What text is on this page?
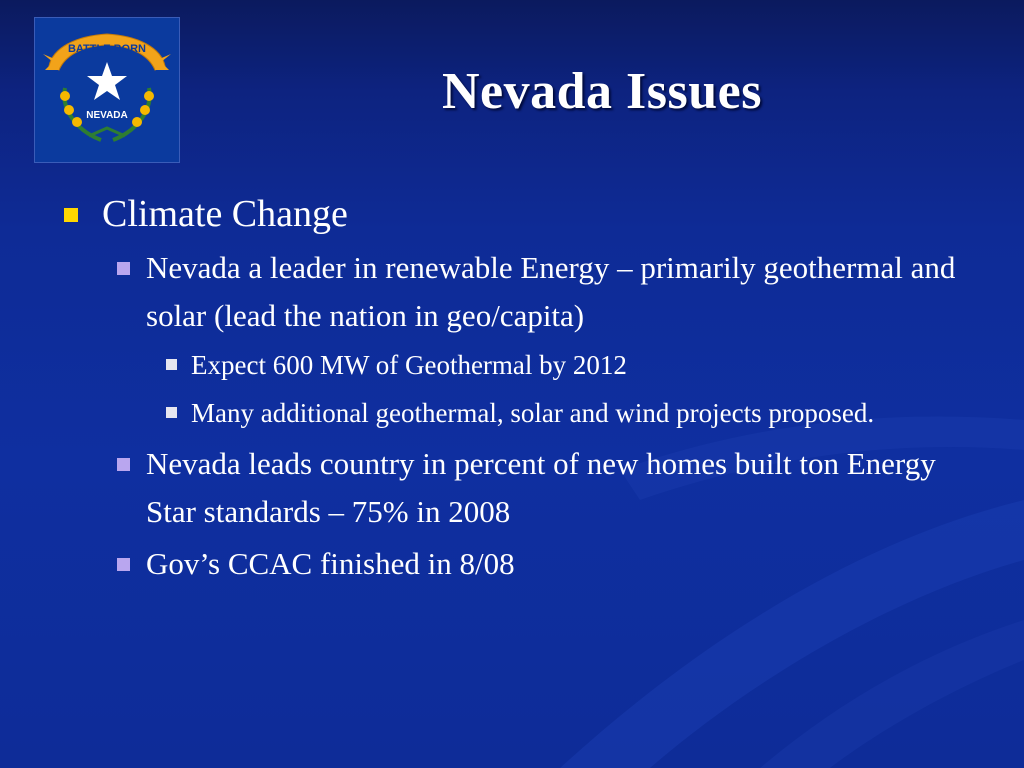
BATTLE BORN
NEVADA	Nevada Issues
Climate Change
Nevada a leader in renewable Energy – primarily geothermal and solar (lead the nation in geo/capita)
Expect 600 MW of Geothermal by 2012
Many additional geothermal, solar and wind projects proposed.
Nevada leads country in percent of new homes built ton Energy Star standards – 75% in 2008
Gov’s CCAC finished in 8/08
